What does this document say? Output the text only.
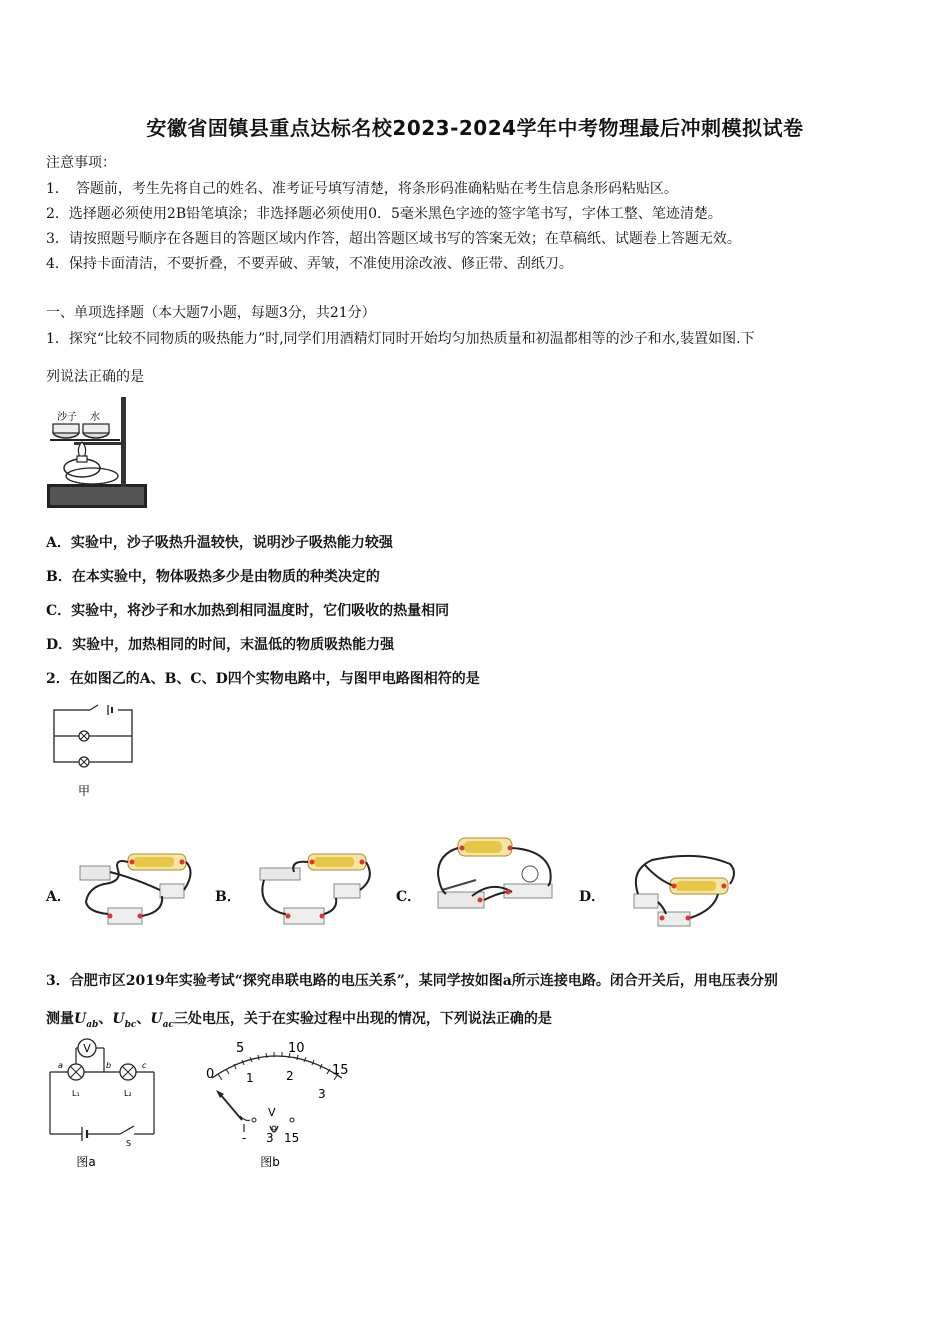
安徽省固镇县重点达标名校2023-2024学年中考物理最后冲刺模拟试卷
注意事项：
1．　答题前，考生先将自己的姓名、准考证号填写清楚，将条形码准确粘贴在考生信息条形码粘贴区。
2．选择题必须使用2B铅笔填涂；非选择题必须使用0．5毫米黑色字迹的签字笔书写，字体工整、笔迹清楚。
3．请按照题号顺序在各题目的答题区域内作答，超出答题区域书写的答案无效；在草稿纸、试题卷上答题无效。
4．保持卡面清洁，不要折叠，不要弄破、弄皱，不准使用涂改液、修正带、刮纸刀。
一、单项选择题（本大题7小题，每题3分，共21分）
1．探究“比较不同物质的吸热能力”时,同学们用酒精灯同时开始均匀加热质量和初温都相等的沙子和水,装置如图.下
列说法正确的是
沙子 水
A．实验中，沙子吸热升温较快，说明沙子吸热能力较强
B．在本实验中，物体吸热多少是由物质的种类决定的
C．实验中，将沙子和水加热到相同温度时，它们吸收的热量相同
D．实验中，加热相同的时间，末温低的物质吸热能力强
2．在如图乙的A、B、C、D四个实物电路中，与图甲电路图相符的是
甲
A．	B．	C．	D．
3．合肥市区2019年实验考试“探究串联电路的电压关系”，某同学按如图a所示连接电路。闭合开关后，用电压表分别
测量$U_{ab}$、$U_{bc}$、$U_{ac}$三处电压，关于在实验过程中出现的情况，下列说法正确的是
V
a	b	c
L₁	L₂
S
图a
0
5	10
15
1	2
3
V
- 3 15
图b
